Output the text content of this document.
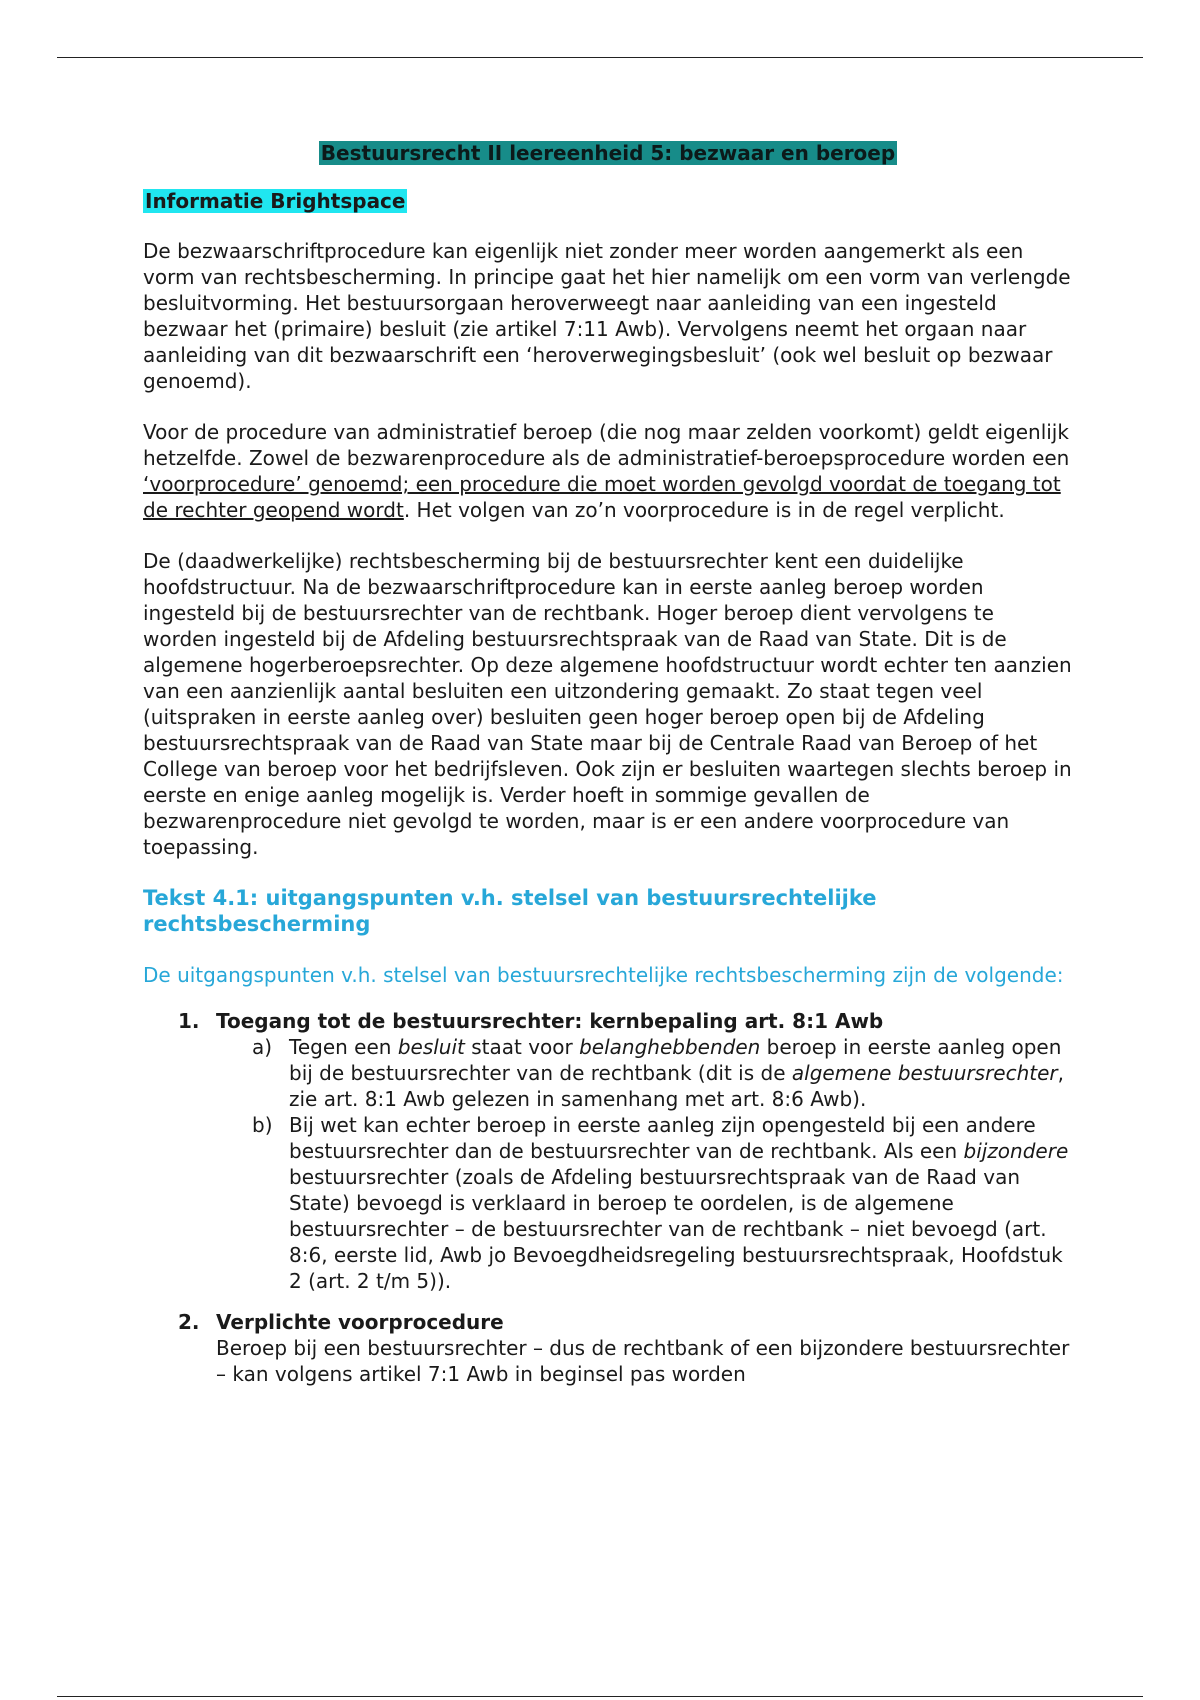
Bestuursrecht II leereenheid 5: bezwaar en beroep
Informatie Brightspace

De bezwaarschriftprocedure kan eigenlijk niet zonder meer worden aangemerkt als een vorm van rechtsbescherming. In principe gaat het hier namelijk om een vorm van verlengde besluitvorming. Het bestuursorgaan heroverweegt naar aanleiding van een ingesteld bezwaar het (primaire) besluit (zie artikel 7:11 Awb). Vervolgens neemt het orgaan naar aanleiding van dit bezwaarschrift een ‘heroverwegingsbesluit’ (ook wel besluit op bezwaar genoemd).

Voor de procedure van administratief beroep (die nog maar zelden voorkomt) geldt eigenlijk hetzelfde. Zowel de bezwarenprocedure als de administratief-beroepsprocedure worden een ‘voorprocedure’ genoemd; een procedure die moet worden gevolgd voordat de toegang tot de rechter geopend wordt. Het volgen van zo’n voorprocedure is in de regel verplicht.

De (daadwerkelijke) rechtsbescherming bij de bestuursrechter kent een duidelijke hoofdstructuur. Na de bezwaarschriftprocedure kan in eerste aanleg beroep worden ingesteld bij de bestuursrechter van de rechtbank. Hoger beroep dient vervolgens te worden ingesteld bij de Afdeling bestuursrechtspraak van de Raad van State. Dit is de algemene hogerberoepsrechter. Op deze algemene hoofdstructuur wordt echter ten aanzien van een aanzienlijk aantal besluiten een uitzondering gemaakt. Zo staat tegen veel (uitspraken in eerste aanleg over) besluiten geen hoger beroep open bij de Afdeling bestuursrechtspraak van de Raad van State maar bij de Centrale Raad van Beroep of het College van beroep voor het bedrijfsleven. Ook zijn er besluiten waartegen slechts beroep in eerste en enige aanleg mogelijk is. Verder hoeft in sommige gevallen de bezwarenprocedure niet gevolgd te worden, maar is er een andere voorprocedure van toepassing.

Tekst 4.1: uitgangspunten v.h. stelsel van bestuursrechtelijke rechtsbescherming
De uitgangspunten v.h. stelsel van bestuursrechtelijke rechtsbescherming zijn de volgende:
1. Toegang tot de bestuursrechter: kernbepaling art. 8:1 Awb
a) Tegen een besluit staat voor belanghebbenden beroep in eerste aanleg open bij de bestuursrechter van de rechtbank (dit is de algemene bestuursrechter, zie art. 8:1 Awb gelezen in samenhang met art. 8:6 Awb).
b) Bij wet kan echter beroep in eerste aanleg zijn opengesteld bij een andere bestuursrechter dan de bestuursrechter van de rechtbank. Als een bijzondere bestuursrechter (zoals de Afdeling bestuursrechtspraak van de Raad van State) bevoegd is verklaard in beroep te oordelen, is de algemene bestuursrechter – de bestuursrechter van de rechtbank – niet bevoegd (art. 8:6, eerste lid, Awb jo Bevoegdheidsregeling bestuursrechtspraak, Hoofdstuk 2 (art. 2 t/m 5)).
2. Verplichte voorprocedure
Beroep bij een bestuursrechter – dus de rechtbank of een bijzondere bestuursrechter – kan volgens artikel 7:1 Awb in beginsel pas worden
